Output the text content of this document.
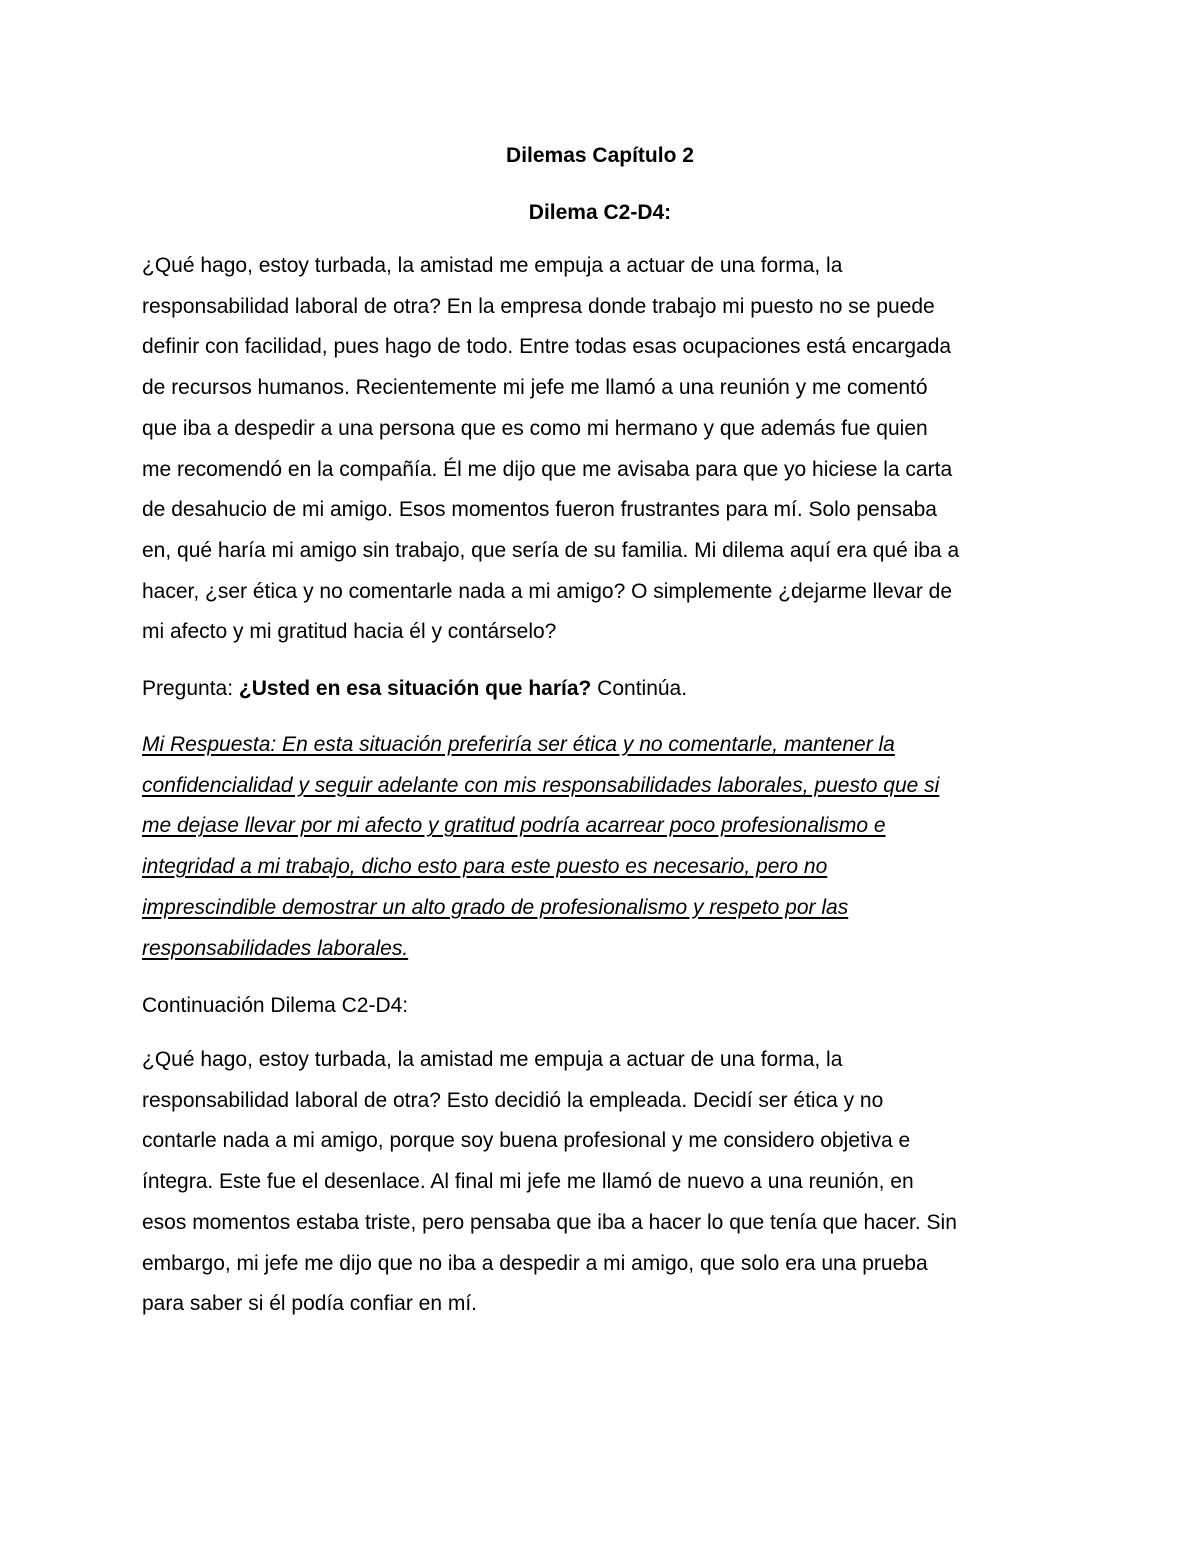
Dilemas Capítulo 2
Dilema C2-D4:

¿Qué hago, estoy turbada, la amistad me empuja a actuar de una forma, la
responsabilidad laboral de otra? En la empresa donde trabajo mi puesto no se puede
definir con facilidad, pues hago de todo. Entre todas esas ocupaciones está encargada
de recursos humanos. Recientemente mi jefe me llamó a una reunión y me comentó
que iba a despedir a una persona que es como mi hermano y que además fue quien
me recomendó en la compañía. Él me dijo que me avisaba para que yo hiciese la carta
de desahucio de mi amigo. Esos momentos fueron frustrantes para mí. Solo pensaba
en, qué haría mi amigo sin trabajo, que sería de su familia. Mi dilema aquí era qué iba a
hacer, ¿ser ética y no comentarle nada a mi amigo? O simplemente ¿dejarme llevar de
mi afecto y mi gratitud hacia él y contárselo?

Pregunta: ¿Usted en esa situación que haría? Continúa.

Mi Respuesta: En esta situación preferiría ser ética y no comentarle, mantener la
confidencialidad y seguir adelante con mis responsabilidades laborales, puesto que si
me dejase llevar por mi afecto y gratitud podría acarrear poco profesionalismo e
integridad a mi trabajo, dicho esto para este puesto es necesario, pero no
imprescindible demostrar un alto grado de profesionalismo y respeto por las
responsabilidades laborales.

Continuación Dilema C2-D4:

¿Qué hago, estoy turbada, la amistad me empuja a actuar de una forma, la
responsabilidad laboral de otra? Esto decidió la empleada. Decidí ser ética y no
contarle nada a mi amigo, porque soy buena profesional y me considero objetiva e
íntegra. Este fue el desenlace. Al final mi jefe me llamó de nuevo a una reunión, en
esos momentos estaba triste, pero pensaba que iba a hacer lo que tenía que hacer. Sin
embargo, mi jefe me dijo que no iba a despedir a mi amigo, que solo era una prueba
para saber si él podía confiar en mí.
